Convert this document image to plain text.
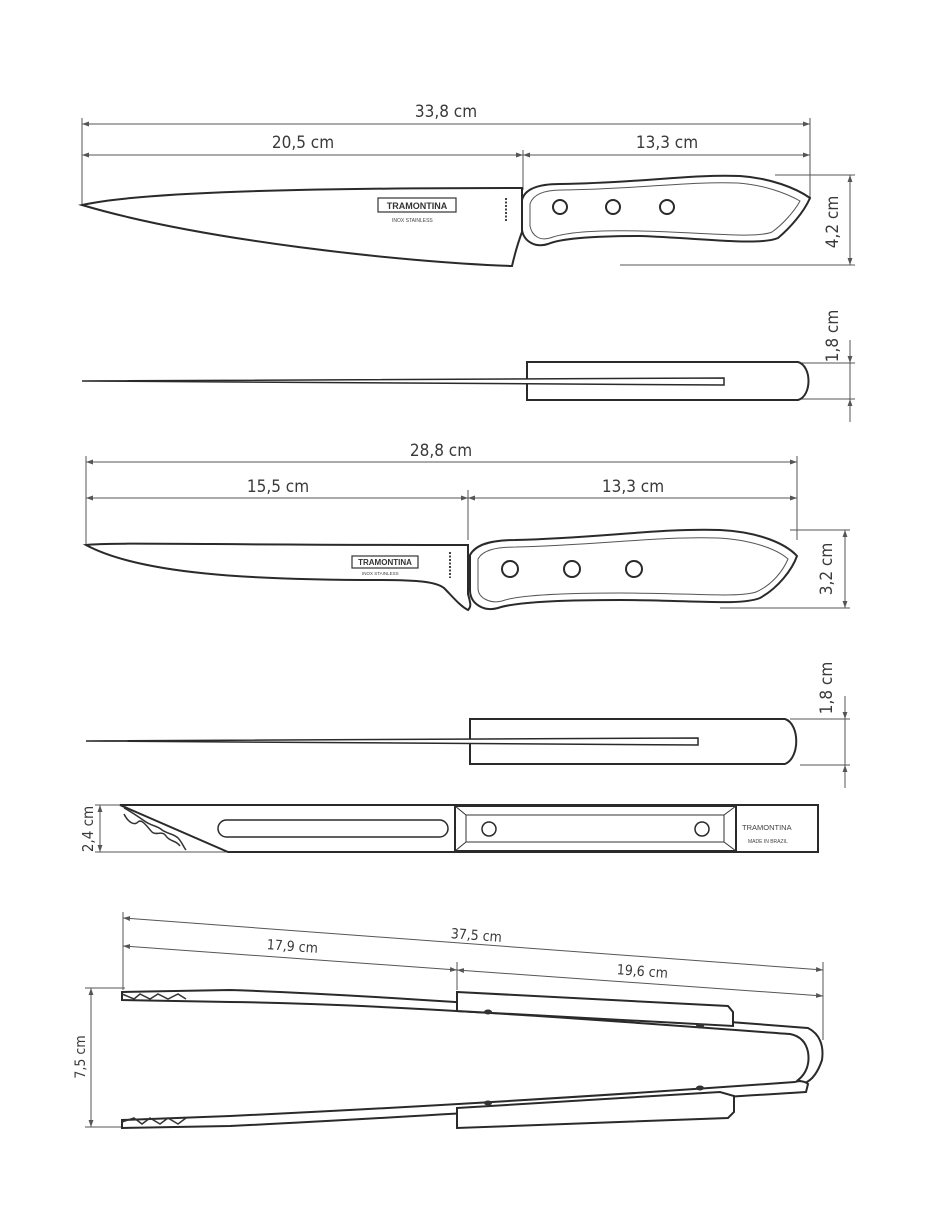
33,8 cm
20,5 cm	13,3 cm
4,2 cm
TRAMONTINA
INOX STAINLESS
1,8 cm
28,8 cm
15,5 cm	13,3 cm
3,2 cm
TRAMONTINA
INOX STAINLESS
1,8 cm
2,4 cm	TRAMONTINA
MADE IN BRAZIL
37,5 cm
17,9 cm
19,6 cm
7,5 cm
